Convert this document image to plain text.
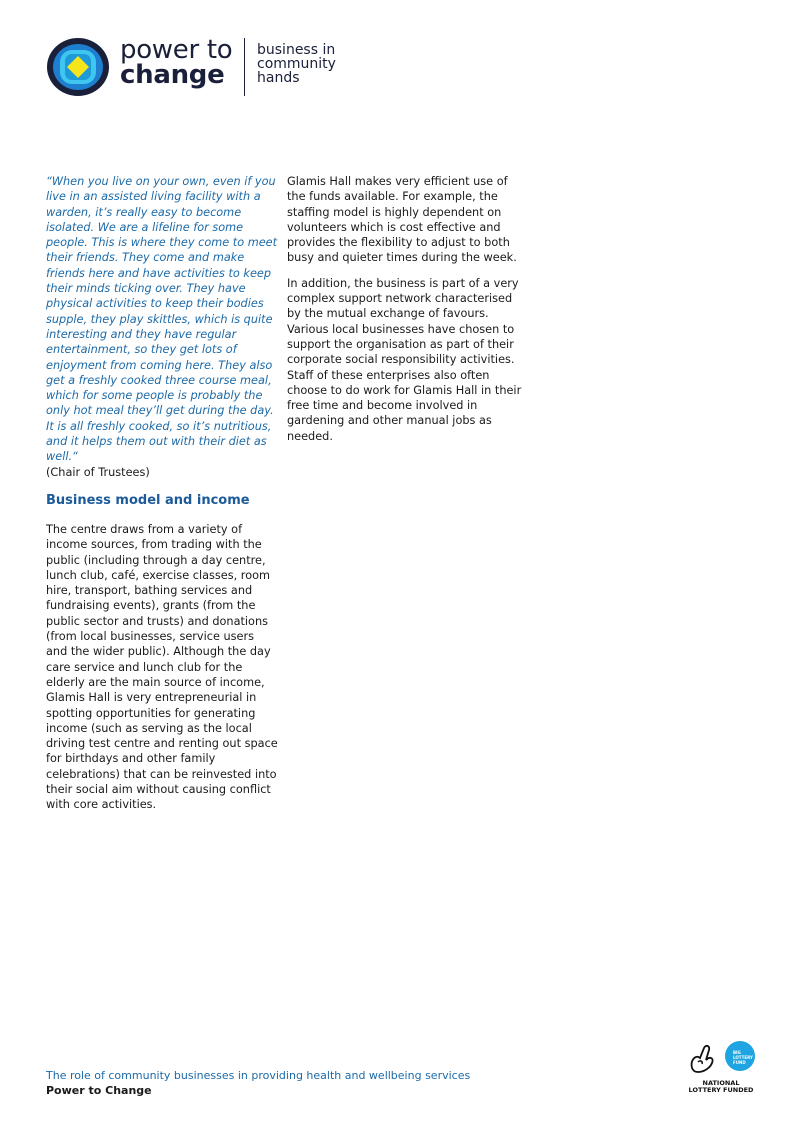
power to
change
business in
community
hands

“When you live on your own, even if you live in an assisted living facility with a warden, it’s really easy to become isolated. We are a lifeline for some people. This is where they come to meet their friends. They come and make friends here and have activities to keep their minds ticking over. They have physical activities to keep their bodies supple, they play skittles, which is quite interesting and they have regular entertainment, so they get lots of enjoyment from coming here. They also get a freshly cooked three course meal, which for some people is probably the only hot meal they’ll get during the day. It is all freshly cooked, so it’s nutritious, and it helps them out with their diet as well.“

(Chair of Trustees)

Business model and income

The centre draws from a variety of income sources, from trading with the public (including through a day centre, lunch club, café, exercise classes, room hire, transport, bathing services and fundraising events), grants (from the public sector and trusts) and donations (from local businesses, service users and the wider public). Although the day care service and lunch club for the elderly are the main source of income, Glamis Hall is very entrepreneurial in spotting opportunities for generating income (such as serving as the local driving test centre and renting out space for birthdays and other family celebrations) that can be reinvested into their social aim without causing conflict with core activities.

Glamis Hall makes very efficient use of the funds available. For example, the staffing model is highly dependent on volunteers which is cost effective and provides the flexibility to adjust to both busy and quieter times during the week.

In addition, the business is part of a very complex support network characterised by the mutual exchange of favours. Various local businesses have chosen to support the organisation as part of their corporate social responsibility activities. Staff of these enterprises also often choose to do work for Glamis Hall in their free time and become involved in gardening and other manual jobs as needed.

The role of community businesses in providing health and wellbeing services
Power to Change
BIG
LOTTERY
FUND
NATIONAL
LOTTERY FUNDED
